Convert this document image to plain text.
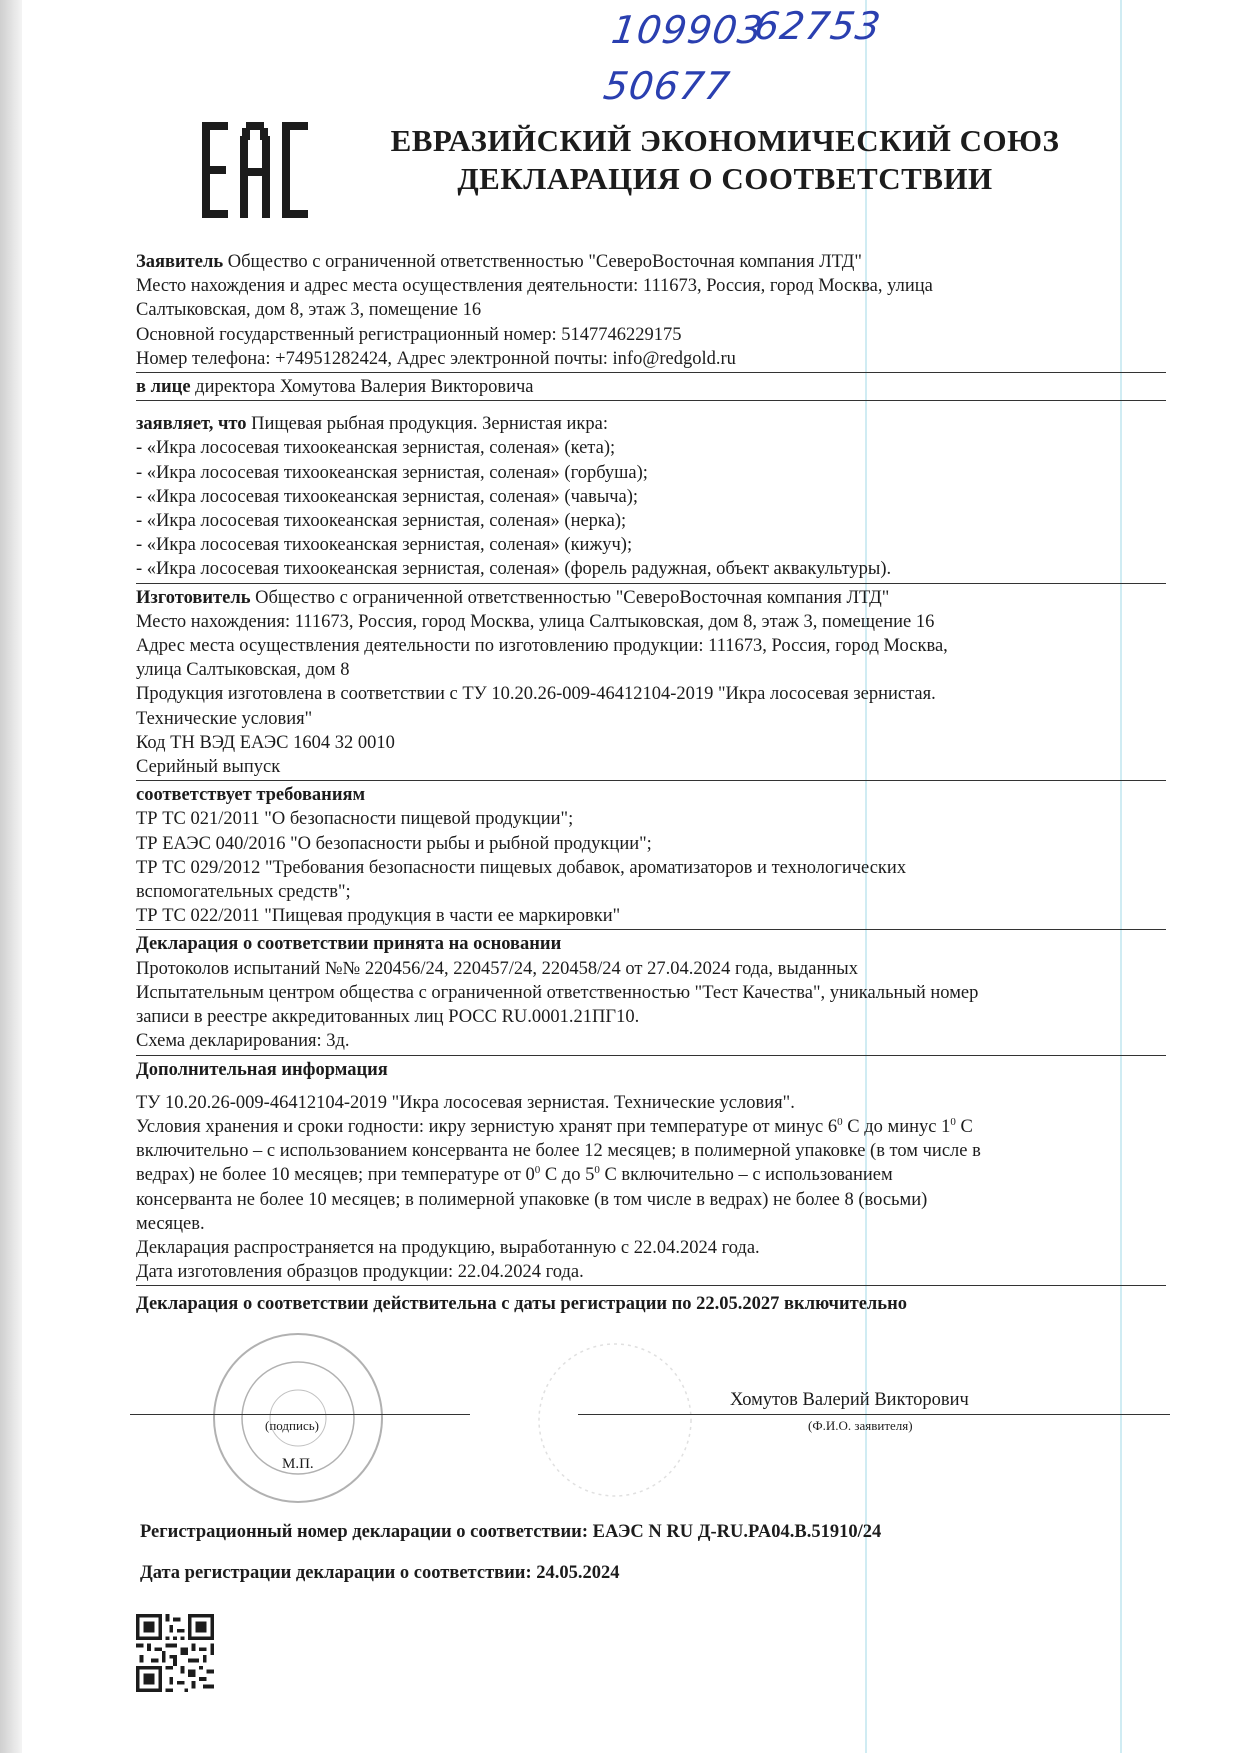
109903
62753
50677
ЕВРАЗИЙСКИЙ ЭКОНОМИЧЕСКИЙ СОЮЗ
ДЕКЛАРАЦИЯ О СООТВЕТСТВИИ

Заявитель Общество с ограниченной ответственностью "СевероВосточная компания ЛТД"

Место нахождения и адрес места осуществления деятельности: 111673, Россия, город Москва, улица

Салтыковская, дом 8, этаж 3, помещение 16

Основной государственный регистрационный номер: 5147746229175

Номер телефона: +74951282424, Адрес электронной почты: info@redgold.ru

в лице директора Хомутова Валерия Викторовича

заявляет, что Пищевая рыбная продукция. Зернистая икра:

- «Икра лососевая тихоокеанская зернистая, соленая» (кета);

- «Икра лососевая тихоокеанская зернистая, соленая» (горбуша);

- «Икра лососевая тихоокеанская зернистая, соленая» (чавыча);

- «Икра лососевая тихоокеанская зернистая, соленая» (нерка);

- «Икра лососевая тихоокеанская зернистая, соленая» (кижуч);

- «Икра лососевая тихоокеанская зернистая, соленая» (форель радужная, объект аквакультуры).

Изготовитель Общество с ограниченной ответственностью "СевероВосточная компания ЛТД"

Место нахождения: 111673, Россия, город Москва, улица Салтыковская, дом 8, этаж 3, помещение 16

Адрес места осуществления деятельности по изготовлению продукции: 111673, Россия, город Москва,

улица Салтыковская, дом 8

Продукция изготовлена в соответствии с ТУ 10.20.26-009-46412104-2019 "Икра лососевая зернистая.

Технические условия"

Код ТН ВЭД ЕАЭС 1604 32 0010

Серийный выпуск

соответствует требованиям

ТР ТС 021/2011 "О безопасности пищевой продукции";

ТР ЕАЭС 040/2016 "О безопасности рыбы и рыбной продукции";

ТР ТС 029/2012 "Требования безопасности пищевых добавок, ароматизаторов и технологических

вспомогательных средств";

ТР ТС 022/2011 "Пищевая продукция в части ее маркировки"

Декларация о соответствии принята на основании

Протоколов испытаний №№ 220456/24, 220457/24, 220458/24 от 27.04.2024 года, выданных

Испытательным центром общества с ограниченной ответственностью "Тест Качества", уникальный номер

записи в реестре аккредитованных лиц РОСС RU.0001.21ПГ10.

Схема декларирования: 3д.

Дополнительная информация

ТУ 10.20.26-009-46412104-2019 "Икра лососевая зернистая. Технические условия".

Условия хранения и сроки годности: икру зернистую хранят при температуре от минус $6^0$ С до минус $1^0$ С

включительно – с использованием консерванта не более 12 месяцев; в полимерной упаковке (в том числе в

ведрах) не более 10 месяцев; при температуре от $0^0$ С до $5^0$ С включительно – с использованием

консерванта не более 10 месяцев; в полимерной упаковке (в том числе в ведрах) не более 8 (восьми)

месяцев.

Декларация распространяется на продукцию, выработанную с 22.04.2024 года.

Дата изготовления образцов продукции: 22.04.2024 года.

Декларация о соответствии действительна с даты регистрации по 22.05.2027 включительно

(подпись)
Хомутов Валерий Викторович
(Ф.И.О. заявителя)
М.П.
Регистрационный номер декларации о соответствии: ЕАЭС N RU Д-RU.PA04.B.51910/24
Дата регистрации декларации о соответствии: 24.05.2024
